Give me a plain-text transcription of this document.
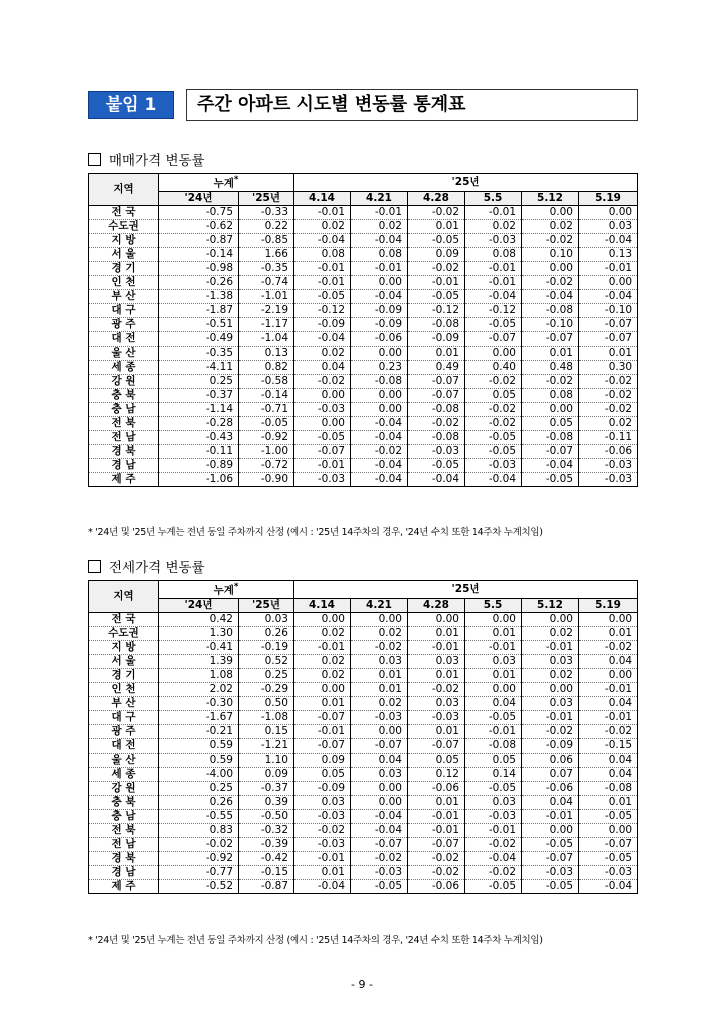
붙임 1	주간 아파트 시도별 변동률 통계표
매매가격 변동률
지역	누계*		'25년					
	'24년	'25년	4.14	4.21	4.28	5.5	5.12	5.19
전 국	-0.75	-0.33	-0.01	-0.01	-0.02	-0.01	0.00	0.00
수도권	-0.62	0.22	0.02	0.02	0.01	0.02	0.02	0.03
지 방	-0.87	-0.85	-0.04	-0.04	-0.05	-0.03	-0.02	-0.04
서 울	-0.14	1.66	0.08	0.08	0.09	0.08	0.10	0.13
경 기	-0.98	-0.35	-0.01	-0.01	-0.02	-0.01	0.00	-0.01
인 천	-0.26	-0.74	-0.01	0.00	-0.01	-0.01	-0.02	0.00
부 산	-1.38	-1.01	-0.05	-0.04	-0.05	-0.04	-0.04	-0.04
대 구	-1.87	-2.19	-0.12	-0.09	-0.12	-0.12	-0.08	-0.10
광 주	-0.51	-1.17	-0.09	-0.09	-0.08	-0.05	-0.10	-0.07
대 전	-0.49	-1.04	-0.04	-0.06	-0.09	-0.07	-0.07	-0.07
울 산	-0.35	0.13	0.02	0.00	0.01	0.00	0.01	0.01
세 종	-4.11	0.82	0.04	0.23	0.49	0.40	0.48	0.30
강 원	0.25	-0.58	-0.02	-0.08	-0.07	-0.02	-0.02	-0.02
충 북	-0.37	-0.14	0.00	0.00	-0.07	0.05	0.08	-0.02
충 남	-1.14	-0.71	-0.03	0.00	-0.08	-0.02	0.00	-0.02
전 북	-0.28	-0.05	0.00	-0.04	-0.02	-0.02	0.05	0.02
전 남	-0.43	-0.92	-0.05	-0.04	-0.08	-0.05	-0.08	-0.11
경 북	-0.11	-1.00	-0.07	-0.02	-0.03	-0.05	-0.07	-0.06
경 남	-0.89	-0.72	-0.01	-0.04	-0.05	-0.03	-0.04	-0.03
제 주	-1.06	-0.90	-0.03	-0.04	-0.04	-0.04	-0.05	-0.03
* '24년 및 '25년 누계는 전년 동일 주차까지 산정 (예시 : '25년 14주차의 경우, '24년 수치 또한 14주차 누계치임)
전세가격 변동률
지역	누계*		'25년					
	'24년	'25년	4.14	4.21	4.28	5.5	5.12	5.19
전 국	0.42	0.03	0.00	0.00	0.00	0.00	0.00	0.00
수도권	1.30	0.26	0.02	0.02	0.01	0.01	0.02	0.01
지 방	-0.41	-0.19	-0.01	-0.02	-0.01	-0.01	-0.01	-0.02
서 울	1.39	0.52	0.02	0.03	0.03	0.03	0.03	0.04
경 기	1.08	0.25	0.02	0.01	0.01	0.01	0.02	0.00
인 천	2.02	-0.29	0.00	0.01	-0.02	0.00	0.00	-0.01
부 산	-0.30	0.50	0.01	0.02	0.03	0.04	0.03	0.04
대 구	-1.67	-1.08	-0.07	-0.03	-0.03	-0.05	-0.01	-0.01
광 주	-0.21	0.15	-0.01	0.00	0.01	-0.01	-0.02	-0.02
대 전	0.59	-1.21	-0.07	-0.07	-0.07	-0.08	-0.09	-0.15
울 산	0.59	1.10	0.09	0.04	0.05	0.05	0.06	0.04
세 종	-4.00	0.09	0.05	0.03	0.12	0.14	0.07	0.04
강 원	0.25	-0.37	-0.09	0.00	-0.06	-0.05	-0.06	-0.08
충 북	0.26	0.39	0.03	0.00	0.01	0.03	0.04	0.01
충 남	-0.55	-0.50	-0.03	-0.04	-0.01	-0.03	-0.01	-0.05
전 북	0.83	-0.32	-0.02	-0.04	-0.01	-0.01	0.00	0.00
전 남	-0.02	-0.39	-0.03	-0.07	-0.07	-0.02	-0.05	-0.07
경 북	-0.92	-0.42	-0.01	-0.02	-0.02	-0.04	-0.07	-0.05
경 남	-0.77	-0.15	0.01	-0.03	-0.02	-0.02	-0.03	-0.03
제 주	-0.52	-0.87	-0.04	-0.05	-0.06	-0.05	-0.05	-0.04
* '24년 및 '25년 누계는 전년 동일 주차까지 산정 (예시 : '25년 14주차의 경우, '24년 수치 또한 14주차 누계치임)
- 9 -
